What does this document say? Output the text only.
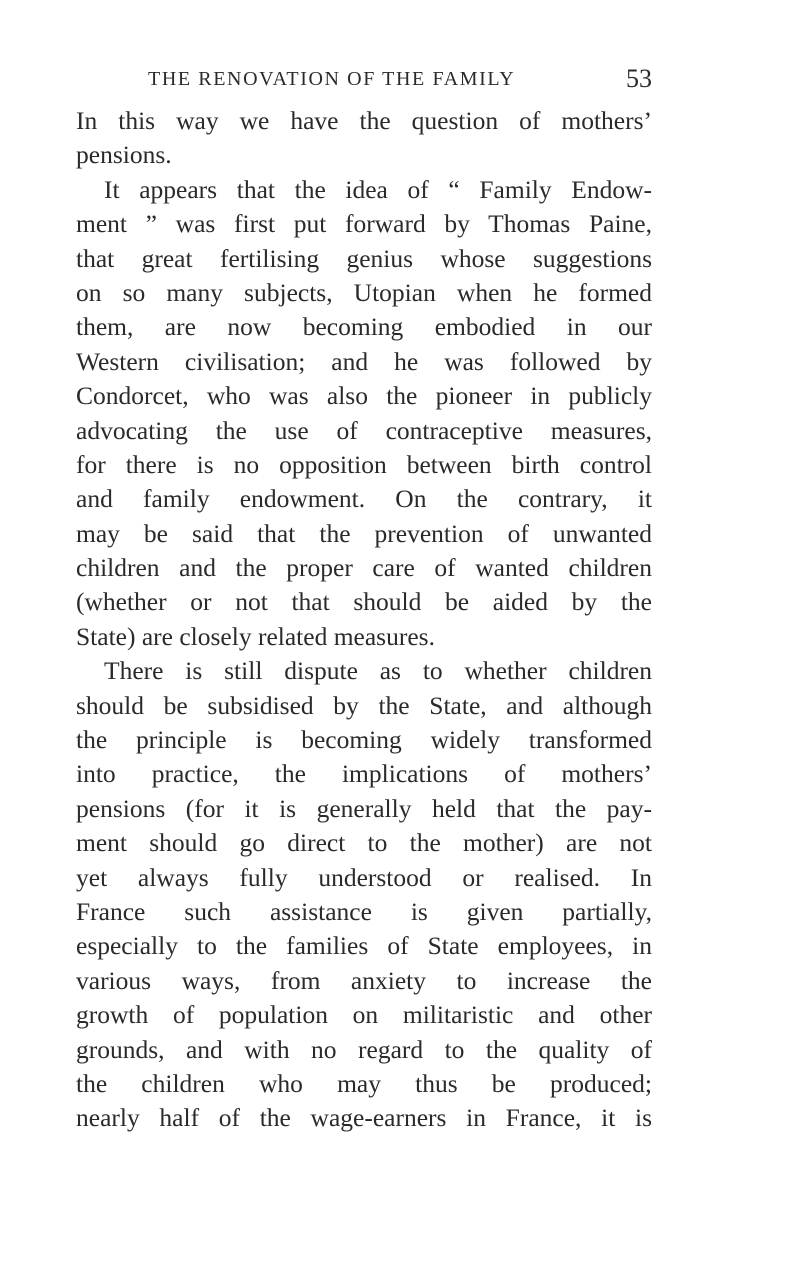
THE RENOVATION OF THE FAMILY	53
In this way we have the question of mothers’
pensions.
It appears that the idea of “ Family Endow-
ment ” was first put forward by Thomas Paine,
that great fertilising genius whose suggestions
on so many subjects, Utopian when he formed
them, are now becoming embodied in our
Western civilisation; and he was followed by
Condorcet, who was also the pioneer in publicly
advocating the use of contraceptive measures,
for there is no opposition between birth control
and family endowment. On the contrary, it
may be said that the prevention of unwanted
children and the proper care of wanted children
(whether or not that should be aided by the
State) are closely related measures.
There is still dispute as to whether children
should be subsidised by the State, and although
the principle is becoming widely transformed
into practice, the implications of mothers’
pensions (for it is generally held that the pay-
ment should go direct to the mother) are not
yet always fully understood or realised. In
France such assistance is given partially,
especially to the families of State employees, in
various ways, from anxiety to increase the
growth of population on militaristic and other
grounds, and with no regard to the quality of
the children who may thus be produced;
nearly half of the wage-earners in France, it is
